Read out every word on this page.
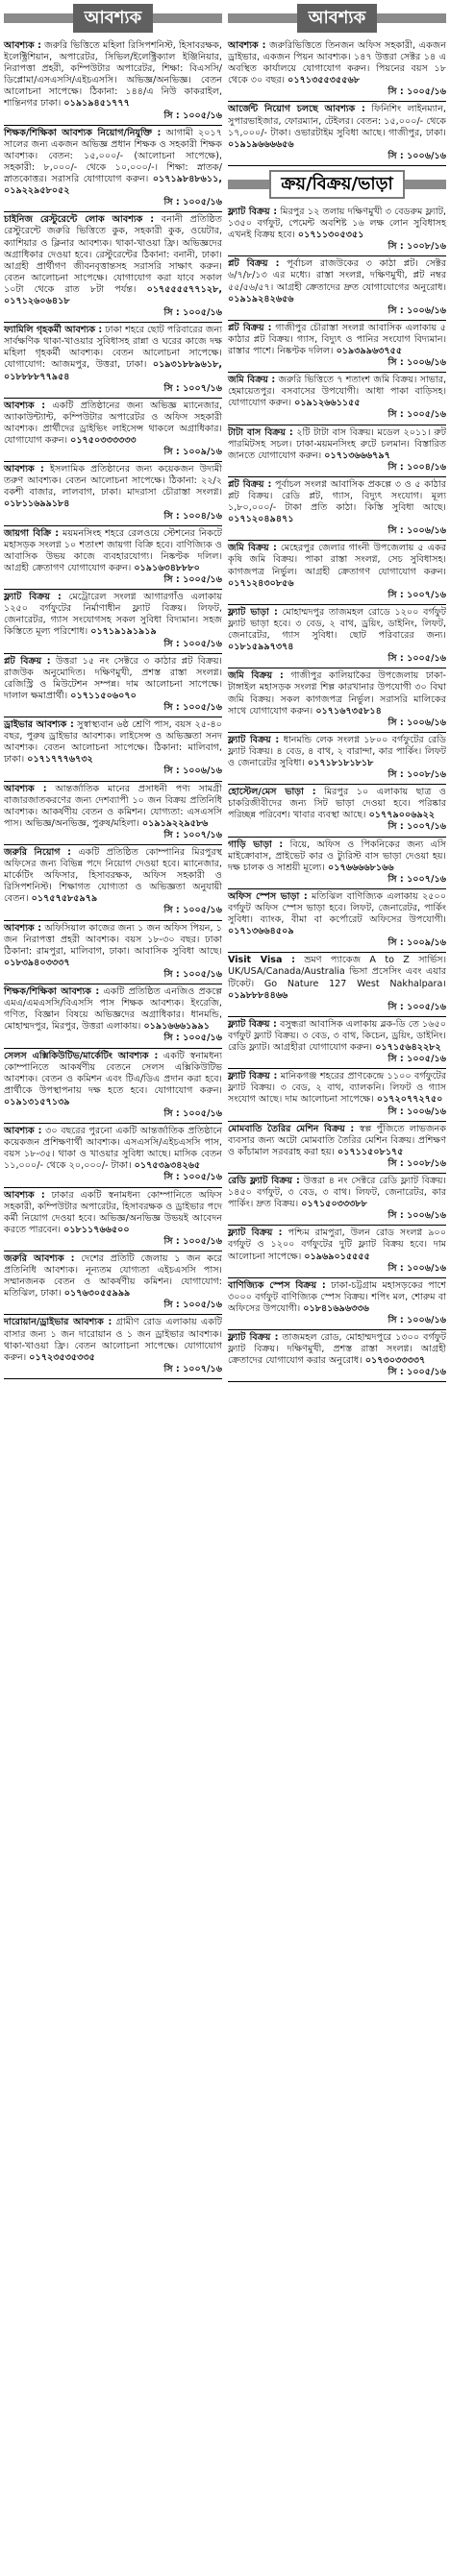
আবশ্যক
আবশ্যক : জরুরি ভিত্তিতে মহিলা রিসিপশনিস্ট, হিসাবরক্ষক, ইলেক্ট্রিশিয়ান, অপারেটর, সিভিল/ইলেক্ট্রিক্যাল ইঞ্জিনিয়ার, নিরাপত্তা প্রহরী, কম্পিউটার অপারেটর, শিক্ষা: বিএসসি/ডিপ্লোমা/এসএসসি/এইচএসসি। অভিজ্ঞ/অনভিজ্ঞ। বেতন আলোচনা সাপেক্ষে। ঠিকানা: ১৪৪/এ নিউ কাকরাইল, শান্তিনগর ঢাকা। ০১৯১৯৪৫১৭৭৭
সি : ১০০৫/১৬
শিক্ষক/শিক্ষিকা আবশ্যক নিয়োগ/নিযুক্তি : আগামী ২০১৭ সালের জন্য একজন অভিজ্ঞ প্রধান শিক্ষক ও সহকারী শিক্ষক আবশ্যক। বেতন: ১৫,০০০/- (আলোচনা সাপেক্ষে), সহকারী: ৮,০০০/- থেকে ১০,০০০/-। শিক্ষা: স্নাতক/স্নাতকোত্তর। সরাসরি যোগাযোগ করুন। ০১৭১৯৮৪৮৬১১, ০১৯২২৯৫৮০৫২
সি : ১০০৫/১৬
চাইনিজ রেস্টুরেন্টে লোক আবশ্যক : বনানী প্রতিষ্ঠিত রেস্টুরেন্টে জরুরি ভিত্তিতে কুক, সহকারী কুক, ওয়েটার, ক্যাশিয়ার ও ক্লিনার আবশ্যক। থাকা-খাওয়া ফ্রি। অভিজ্ঞদের অগ্রাধিকার দেওয়া হবে। রেস্টুরেন্টের ঠিকানা: বনানী, ঢাকা। আগ্রহী প্রার্থীগণ জীবনবৃত্তান্তসহ সরাসরি সাক্ষাৎ করুন। বেতন আলোচনা সাপেক্ষে। যোগাযোগ করা যাবে সকাল ১০টা থেকে রাত ৮টা পর্যন্ত। ০১৭৫৫৫৫৭৭১২৮, ০১৭১২৬০৬৪১৮
সি : ১০০৫/১৬
ফ্যামিলি গৃহকর্মী আবশ্যক : ঢাকা শহরে ছোট পরিবারের জন্য সার্বক্ষণিক থাকা-খাওয়ার সুবিধাসহ রান্না ও ঘরের কাজে দক্ষ মহিলা গৃহকর্মী আবশ্যক। বেতন আলোচনা সাপেক্ষে। যোগাযোগ: আজমপুর, উত্তরা, ঢাকা। ০১৯৩১৮৮৯৬১৮, ০১৮৮৮৮৭৭৯৫৪
সি : ১০০৭/১৬
আবশ্যক : একটি প্রতিষ্ঠানের জন্য অভিজ্ঞ ম্যানেজার, অ্যাকাউন্ট্যান্ট, কম্পিউটার অপারেটর ও অফিস সহকারী আবশ্যক। প্রার্থীদের ড্রাইভিং লাইসেন্স থাকলে অগ্রাধিকার। যোগাযোগ করুন। ০১৭৫০৩৩৩৩৩৩
সি : ১০০৯/১৬
আবশ্যক : ইসলামিক প্রতিষ্ঠানের জন্য কয়েকজন উদ্যমী তরুণ আবশ্যক। বেতন আলোচনা সাপেক্ষে। ঠিকানা: ২২/২ বকশী বাজার, লালবাগ, ঢাকা। মাদরাসা চৌরাস্তা সংলগ্ন। ০১৮১১৬৯৯১৮৪
সি : ১০০৪/১৬
জায়গা বিক্রি : ময়মনসিংহ শহরে রেলওয়ে স্টেশনের নিকটে মহাসড়ক সংলগ্ন ১০ শতাংশ জায়গা বিক্রি হবে। বাণিজ্যিক ও আবাসিক উভয় কাজে ব্যবহারযোগ্য। নিষ্কণ্টক দলিল। আগ্রহী ক্রেতাগণ যোগাযোগ করুন। ০১৯১৬৩৪৮৮৮০
সি : ১০০৫/১৬
ফ্ল্যাট বিক্রয় : মেট্রোরেল সংলগ্ন আগারগাঁও এলাকায় ১২৫০ বর্গফুটের নির্মাণাধীন ফ্ল্যাট বিক্রয়। লিফট, জেনারেটর, গ্যাস সংযোগসহ সকল সুবিধা বিদ্যমান। সহজ কিস্তিতে মূল্য পরিশোধ। ০১৭১৯১৯১৯১৯
সি : ১০০৫/১৬
প্লট বিক্রয় : উত্তরা ১৫ নং সেক্টরে ৩ কাঠার প্লট বিক্রয়। রাজউক অনুমোদিত। দক্ষিণমুখী, প্রশস্ত রাস্তা সংলগ্ন। রেজিস্ট্রি ও মিউটেশন সম্পন্ন। দাম আলোচনা সাপেক্ষে। দালাল ক্ষমাপ্রার্থী। ০১৭১১৫০৬০৭০
সি : ১০০৫/১৬
ড্রাইভার আবশ্যক : সুস্বাস্থ্যবান ৬ষ্ঠ শ্রেণি পাস, বয়স ২৫-৪০ বছর, পুরুষ ড্রাইভার আবশ্যক। লাইসেন্স ও অভিজ্ঞতা সনদ আবশ্যক। বেতন আলোচনা সাপেক্ষে। ঠিকানা: মালিবাগ, ঢাকা। ০১৭১৭৭৭৬৭৩২
সি : ১০০৬/১৬
আবশ্যক : আন্তর্জাতিক মানের প্রসাধনী পণ্য সামগ্রী বাজারজাতকরণের জন্য দেশব্যাপী ১০ জন বিক্রয় প্রতিনিধি আবশ্যক। আকর্ষণীয় বেতন ও কমিশন। যোগ্যতা: এসএসসি পাস। অভিজ্ঞ/অনভিজ্ঞ, পুরুষ/মহিলা। ০১৯১৯২২৯৫৮৬
সি : ১০০৭/১৬
জরুরি নিয়োগ : একটি প্রতিষ্ঠিত কোম্পানির মিরপুরস্থ অফিসের জন্য বিভিন্ন পদে নিয়োগ দেওয়া হবে। ম্যানেজার, মার্কেটিং অফিসার, হিসাবরক্ষক, অফিস সহকারী ও রিসিপশনিস্ট। শিক্ষাগত যোগ্যতা ও অভিজ্ঞতা অনুযায়ী বেতন। ০১৭৫৭৫৮৫৯৭৯
সি : ১০০৫/১৬
আবশ্যক : অফিসিয়াল কাজের জন্য ১ জন অফিস পিয়ন, ১ জন নিরাপত্তা প্রহরী আবশ্যক। বয়স ১৮-৩০ বছর। ঢাকা ঠিকানা: রামপুরা, মালিবাগ, ঢাকা। আবাসিক সুবিধা আছে। ০১৮৩৯৪০৩৩৩৭
সি : ১০০৫/১৬
শিক্ষক/শিক্ষিকা আবশ্যক : একটি প্রতিষ্ঠিত এনজিও প্রকল্পে এমএ/এমএসসি/বিএসসি পাস শিক্ষক আবশ্যক। ইংরেজি, গণিত, বিজ্ঞান বিষয়ে অভিজ্ঞদের অগ্রাধিকার। ধানমন্ডি, মোহাম্মদপুর, মিরপুর, উত্তরা এলাকায়। ০১৯১৬৬৬১৯৯১
সি : ১০০৫/১৬
সেলস এক্সিকিউটিভ/মার্কেটিং আবশ্যক : একটি স্বনামধন্য কোম্পানিতে আকর্ষণীয় বেতনে সেলস এক্সিকিউটিভ আবশ্যক। বেতন ও কমিশন এবং টিএ/ডিএ প্রদান করা হবে। প্রার্থীকে উপস্থাপনায় দক্ষ হতে হবে। যোগাযোগ করুন। ০১৯১৩১৫৭১৩৯
সি : ১০০৫/১৬
আবশ্যক : ৩০ বছরের পুরনো একটি আন্তর্জাতিক প্রতিষ্ঠানে কয়েকজন প্রশিক্ষণার্থী আবশ্যক। এসএসসি/এইচএসসি পাস, বয়স ১৮-৩৫। থাকা ও খাওয়ার সুবিধা আছে। মাসিক বেতন ১১,০০০/- থেকে ২০,০০০/- টাকা। ০১৭৫৩৯৩৪২৬৫
সি : ১০০৫/১৬
আবশ্যক : ঢাকার একটি স্বনামধন্য কোম্পানিতে অফিস সহকারী, কম্পিউটার অপারেটর, হিসাবরক্ষক ও ড্রাইভার পদে কর্মী নিয়োগ দেওয়া হবে। অভিজ্ঞ/অনভিজ্ঞ উভয়ই আবেদন করতে পারবেন। ০১৮১১৭৬৬৫০০
সি : ১০০৫/১৬
জরুরি আবশ্যক : দেশের প্রতিটি জেলায় ১ জন করে প্রতিনিধি আবশ্যক। নূন্যতম যোগ্যতা এইচএসসি পাস। সম্মানজনক বেতন ও আকর্ষণীয় কমিশন। যোগাযোগ: মতিঝিল, ঢাকা। ০১৭৬৩০৫৫৯৯৯
সি : ১০০৫/১৬
দারোয়ান/ড্রাইভার আবশ্যক : গ্রামীণ রোড এলাকায় একটি বাসার জন্য ১ জন দারোয়ান ও ১ জন ড্রাইভার আবশ্যক। থাকা-খাওয়া ফ্রি। বেতন আলোচনা সাপেক্ষে। যোগাযোগ করুন। ০১৭২৩৫৩৫৩৩৫
সি : ১০০৭/১৬
আবশ্যক
আবশ্যক : জরুরিভিত্তিতে তিনজন অফিস সহকারী, একজন ড্রাইভার, একজন পিয়ন আবশ্যক। ১৪৭ উত্তরা সেক্টর ১৪ এ অবস্থিত কার্যালয়ে যোগাযোগ করুন। পিয়নের বয়স ১৮ থেকে ৩০ বছর। ০১৭১৩৫৫৩৫৫৬৮
সি : ১০০৫/১৬
আর্জেন্ট নিয়োগ চলছে আবশ্যক : ফিনিশিং লাইনম্যান, সুপারভাইজার, ফোরম্যান, টেইলর। বেতন: ১৫,০০০/- থেকে ১৭,০০০/- টাকা। ওভারটাইম সুবিধা আছে। গাজীপুর, ঢাকা। ০১৯১৯৬৬৬৬৫৬
সি : ১০০৬/১৬
ক্রয়/বিক্রয়/ভাড়া
ফ্ল্যাট বিক্রয় : মিরপুর ১২ তলায় দক্ষিণমুখী ৩ বেডরুম ফ্ল্যাট, ১৩৫০ বর্গফুট, পেমেন্ট অবশিষ্ট ১৬ লক্ষ লোন সুবিধাসহ এখনই বিক্রয় হবে। ০১৭১১৩০৫৩৫১
সি : ১০০৮/১৬
প্লট বিক্রয় : পূর্বাচল রাজউকের ৩ কাঠা প্লট। সেক্টর ৬/৭/৮/১৩ এর মধ্যে। রাস্তা সংলগ্ন, দক্ষিণমুখী, প্লট নম্বর ৫৫/৫৬/৫৭। আগ্রহী ক্রেতাদের দ্রুত যোগাযোগের অনুরোধ। ০১৯১৯২৪২৬৫৬
সি : ১০০৬/১৬
প্লট বিক্রয় : গাজীপুর চৌরাস্তা সংলগ্ন আবাসিক এলাকায় ৫ কাঠার প্লট বিক্রয়। গ্যাস, বিদ্যুৎ ও পানির সংযোগ বিদ্যমান। রাস্তার পাশে। নিষ্কণ্টক দলিল। ০১৯৩৯৯৬৩৭৫৫
সি : ১০০৬/১৬
জমি বিক্রয় : জরুরি ভিত্তিতে ৭ শতাংশ জমি বিক্রয়। সাভার, হেমায়েতপুর। বসবাসের উপযোগী। আধা পাকা বাড়িসহ। যোগাযোগ করুন। ০১৯১২৬৬১১৫৫
সি : ১০০৫/১৬
টাটা বাস বিক্রয় : ২টি টাটা বাস বিক্রয়। মডেল ২০১১। রুট পারমিটসহ সচল। ঢাকা-ময়মনসিংহ রুটে চলমান। বিস্তারিত জানতে যোগাযোগ করুন। ০১৭১৩৬৬৬৭৯৭
সি : ১০০৪/১৬
প্লট বিক্রয় : পূর্বাচল সংলগ্ন আবাসিক প্রকল্পে ৩ ও ৫ কাঠার প্লট বিক্রয়। রেডি প্লট, গ্যাস, বিদ্যুৎ সংযোগ। মূল্য ১,৮০,০০০/- টাকা প্রতি কাঠা। কিস্তি সুবিধা আছে। ০১৭১২০৪৯৪৭১
সি : ১০০৬/১৬
জমি বিক্রয় : মেহেরপুর জেলার গাংনী উপজেলায় ৫ একর কৃষি জমি বিক্রয়। পাকা রাস্তা সংলগ্ন, সেচ সুবিধাসহ। কাগজপত্র নির্ভুল। আগ্রহী ক্রেতাগণ যোগাযোগ করুন। ০১৭১২৪৩০৮৫৬
সি : ১০০৭/১৬
ফ্ল্যাট ভাড়া : মোহাম্মদপুর তাজমহল রোডে ১২০০ বর্গফুট ফ্ল্যাট ভাড়া হবে। ৩ বেড, ২ বাথ, ড্রয়িং, ডাইনিং, লিফট, জেনারেটর, গ্যাস সুবিধা। ছোট পরিবারের জন্য। ০১৮১৫৯৯৭৩৭৪
সি : ১০০৫/১৬
জমি বিক্রয় : গাজীপুর কালিয়াকৈর উপজেলায় ঢাকা-টাঙ্গাইল মহাসড়ক সংলগ্ন শিল্প কারখানার উপযোগী ৩০ বিঘা জমি বিক্রয়। সকল কাগজপত্র নির্ভুল। সরাসরি মালিকের সাথে যোগাযোগ করুন। ০১৭১৬৭৩৫৮১৪
সি : ১০০৬/১৬
ফ্ল্যাট বিক্রয় : ধানমন্ডি লেক সংলগ্ন ১৮০০ বর্গফুটের রেডি ফ্ল্যাট বিক্রয়। ৪ বেড, ৪ বাথ, ২ বারান্দা, কার পার্কিং। লিফট ও জেনারেটর সুবিধা। ০১৭১৮১৮১৮১৮
সি : ১০০৮/১৬
হোস্টেল/মেস ভাড়া : মিরপুর ১০ এলাকায় ছাত্র ও চাকরিজীবীদের জন্য সিট ভাড়া দেওয়া হবে। পরিষ্কার পরিচ্ছন্ন পরিবেশ। খাবার ব্যবস্থা আছে। ০১৭৭৯০০৬৯২২
সি : ১০০৭/১৬
গাড়ি ভাড়া : বিয়ে, অফিস ও পিকনিকের জন্য এসি মাইক্রোবাস, প্রাইভেট কার ও ট্যুরিস্ট বাস ভাড়া দেওয়া হয়। দক্ষ চালক ও সাশ্রয়ী মূল্যে। ০১৭৬৬৬৬৮১৬৬
সি : ১০০৭/১৬
অফিস স্পেস ভাড়া : মতিঝিল বাণিজ্যিক এলাকায় ২৫০০ বর্গফুট অফিস স্পেস ভাড়া হবে। লিফট, জেনারেটর, পার্কিং সুবিধা। ব্যাংক, বীমা বা কর্পোরেট অফিসের উপযোগী। ০১৭১৩৬৬৪৫০৯
সি : ১০০৯/১৬
Visit Visa : ভ্রমণ প্যাকেজ A to Z সার্ভিস। UK/USA/Canada/Australia ভিসা প্রসেসিং এবং এয়ার টিকেট। Go Nature 127 West Nakhalpara। ০১৯৮৮৮৪৪৬৬
সি : ১০০৫/১৬
ফ্ল্যাট বিক্রয় : বসুন্ধরা আবাসিক এলাকায় ব্লক-ডি তে ১৬৫০ বর্গফুট ফ্ল্যাট বিক্রয়। ৩ বেড, ৩ বাথ, কিচেন, ড্রয়িং, ডাইনিং। রেডি ফ্ল্যাট। আগ্রহীরা যোগাযোগ করুন। ০১৭১৫৬৪২২৮২
সি : ১০০৫/১৬
ফ্ল্যাট বিক্রয় : মানিকগঞ্জ শহরের প্রাণকেন্দ্রে ১১০০ বর্গফুটের ফ্ল্যাট বিক্রয়। ৩ বেড, ২ বাথ, ব্যালকনি। লিফট ও গ্যাস সংযোগ আছে। দাম আলোচনা সাপেক্ষে। ০১৭২০৭৭২৭৫০
সি : ১০০৬/১৬
মোমবাতি তৈরির মেশিন বিক্রয় : স্বল্প পুঁজিতে লাভজনক ব্যবসার জন্য অটো মোমবাতি তৈরির মেশিন বিক্রয়। প্রশিক্ষণ ও কাঁচামাল সরবরাহ করা হয়। ০১৭১১৫০৮১৭৫
সি : ১০০৮/১৬
রেডি ফ্ল্যাট বিক্রয় : উত্তরা ৪ নং সেক্টরে রেডি ফ্ল্যাট বিক্রয়। ১৪৫০ বর্গফুট, ৩ বেড, ৩ বাথ। লিফট, জেনারেটর, কার পার্কিং। দ্রুত বিক্রয়। ০১৭১৫০৩৩৩৮৮
সি : ১০০৬/১৬
ফ্ল্যাট বিক্রয় : পশ্চিম রামপুরা, উলন রোড সংলগ্ন ৯০০ বর্গফুট ও ১২০০ বর্গফুটের দুটি ফ্ল্যাট বিক্রয় হবে। দাম আলোচনা সাপেক্ষে। ০১৯৬৯০১৫৫৫৫
সি : ১০০৬/১৬
বাণিজ্যিক স্পেস বিক্রয় : ঢাকা-চট্টগ্রাম মহাসড়কের পাশে ৩০০০ বর্গফুট বাণিজ্যিক স্পেস বিক্রয়। শপিং মল, শোরুম বা অফিসের উপযোগী। ০১৮৪১৬৯৬৩৩৬
সি : ১০০৬/১৬
ফ্ল্যাট বিক্রয় : তাজমহল রোড, মোহাম্মদপুরে ১৩০০ বর্গফুট ফ্ল্যাট বিক্রয়। দক্ষিণমুখী, প্রশস্ত রাস্তা সংলগ্ন। আগ্রহী ক্রেতাদের যোগাযোগ করার অনুরোধ। ০১৭৩০৩৩৩৩৭
সি : ১০০৫/১৬
